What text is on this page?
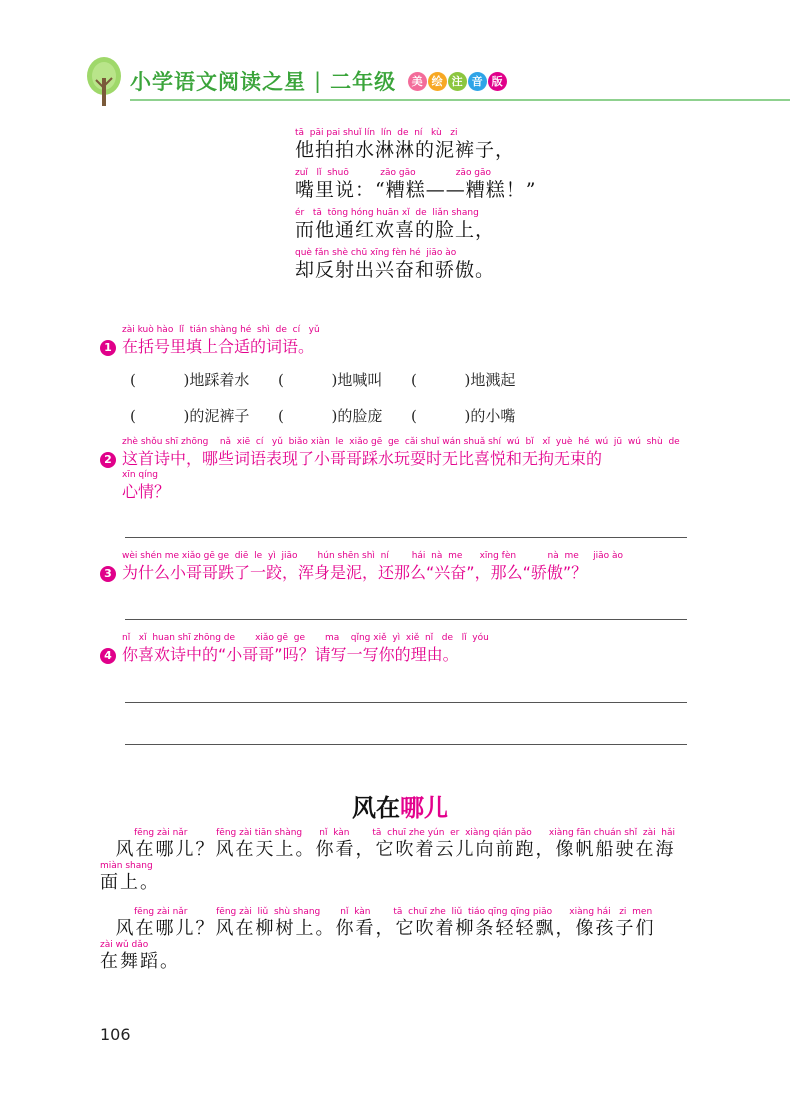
小学语文阅读之星 | 二年级	美 绘 注 音 版
tā  pāi pai shuǐ lín  lín  de  ní   kù   zi
他拍拍水淋淋的泥裤子，
zuǐ   lǐ  shuō           zāo gāo              zāo gāo
嘴里说：“糟糕——糟糕！”
ér   tā  tōng hóng huān xǐ  de  liǎn shang
而他通红欢喜的脸上，
què fǎn shè chū xīng fèn hé  jiāo ào
却反射出兴奋和骄傲。
zài kuò hào  lǐ  tián shàng hé  shì  de  cí   yǔ
1 在括号里填上合适的词语。
(          )地踩着水      (          )地喊叫      (          )地溅起
(          )的泥裤子      (          )的脸庞      (          )的小嘴
zhè shǒu shī zhōng    nǎ  xiē  cí   yǔ  biǎo xiàn  le  xiǎo gē  ge  cǎi shuǐ wán shuǎ shí  wú  bǐ   xǐ  yuè  hé  wú  jū  wú  shù  de
2 这首诗中，哪些词语表现了小哥哥踩水玩耍时无比喜悦和无拘无束的
xīn qíng
心情？
wèi shén me xiǎo gē ge  diē  le  yì  jiāo       hún shēn shì  ní        hái  nà  me      xīng fèn           nà  me     jiāo ào
3 为什么小哥哥跌了一跤，浑身是泥，还那么“兴奋”，那么“骄傲”？
nǐ   xǐ  huan shī zhōng de       xiǎo gē  ge       ma    qǐng xiě  yì  xiě  nǐ   de   lǐ  yóu
4 你喜欢诗中的“小哥哥”吗？请写一写你的理由。
风在哪儿
fēng zài nǎr          fēng zài tiān shàng      nǐ  kàn        tā  chuī zhe yún  er  xiàng qián pǎo      xiàng fān chuán shǐ  zài  hǎi
风在哪儿？风在天上。你看，它吹着云儿向前跑，像帆船驶在海
miàn shang
面上。
fēng zài nǎr          fēng zài  liǔ  shù shang       nǐ  kàn        tā  chuī zhe  liǔ  tiáo qīng qīng piāo      xiàng hái   zi  men
风在哪儿？风在柳树上。你看，它吹着柳条轻轻飘，像孩子们
zài wǔ dǎo
在舞蹈。
106
